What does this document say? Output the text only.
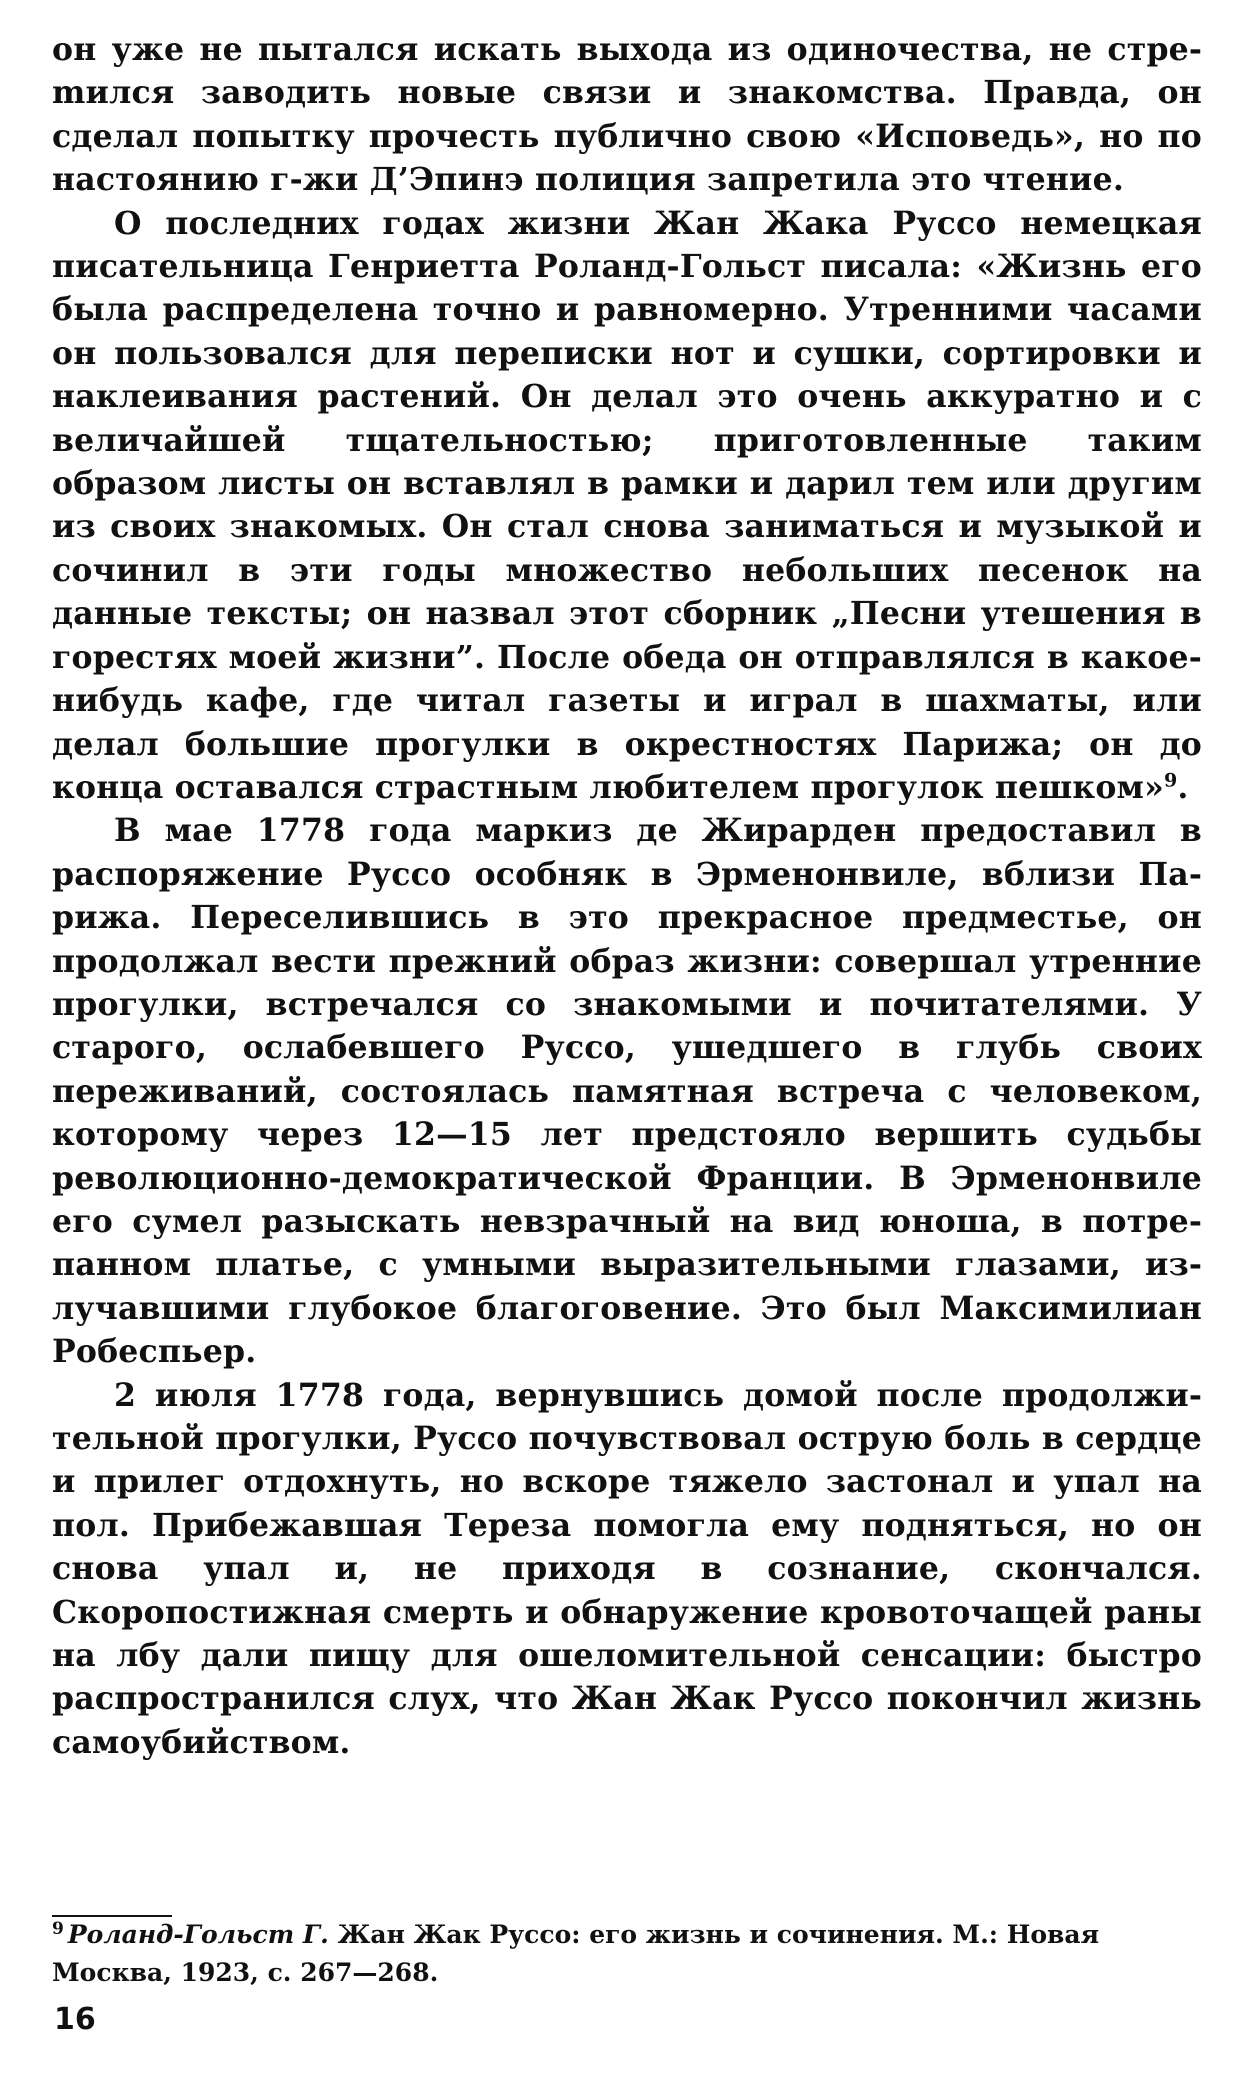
он уже не пытался искать выхода из одиночества, не стреmился заводить новые связи и знакомства. Правда, он сделал попытку прочесть публично свою «Исповедь», но по настоянию г-жи Д’Эпинэ полиция запретила это чтение.

О последних годах жизни Жан Жака Руссо немецкая писательница Генриетта Роланд-Гольст писала: «Жизнь его была распределена точно и равномерно. Утренними часами он пользовался для переписки нот и сушки, сортировки и наклеивания растений. Он делал это очень аккуратно и с величайшей тщательностью; приготовленные таким образом листы он вставлял в рамки и дарил тем или другим из своих знакомых. Он стал снова заниматься и музыкой и сочинил в эти годы множество небольших песенок на данные тексты; он назвал этот сборник „Песни утешения в горестях моей жизни”. После обеда он отправлялся в какое-нибудь кафе, где читал газеты и играл в шахматы, или делал большие прогулки в окрестностях Парижа; он до конца оставался страстным любителем прогулок пешком»$^9$.

В мае 1778 года маркиз де Жирарден предоставил в распоряжение Руссо особняк в Эрменонвиле, вблизи Парижа. Переселившись в это прекрасное предместье, он продолжал вести прежний образ жизни: совершал утренние прогулки, встречался со знакомыми и почитателями. У старого, ослабевшего Руссо, ушедшего в глубь своих переживаний, состоялась памятная встреча с человеком, которому через 12—15 лет предстояло вершить судьбы революционно-демократической Франции. В Эрменонвиле его сумел разыскать невзрачный на вид юноша, в потрепанном платье, с умными выразительными глазами, излучавшими глубокое благоговение. Это был Максимилиан Робеспьер.

2 июля 1778 года, вернувшись домой после продолжительной прогулки, Руссо почувствовал острую боль в сердце и прилег отдохнуть, но вскоре тяжело застонал и упал на пол. Прибежавшая Тереза помогла ему подняться, но он снова упал и, не приходя в сознание, скончался. Скоропостижная смерть и обнаружение кровоточащей раны на лбу дали пищу для ошеломительной сенсации: быстро распространился слух, что Жан Жак Руссо покончил жизнь самоубийством.

$^9$ Роланд-Гольст Г. Жан Жак Руссо: его жизнь и сочинения. М.: Новая Москва, 1923, с. 267—268.
16
